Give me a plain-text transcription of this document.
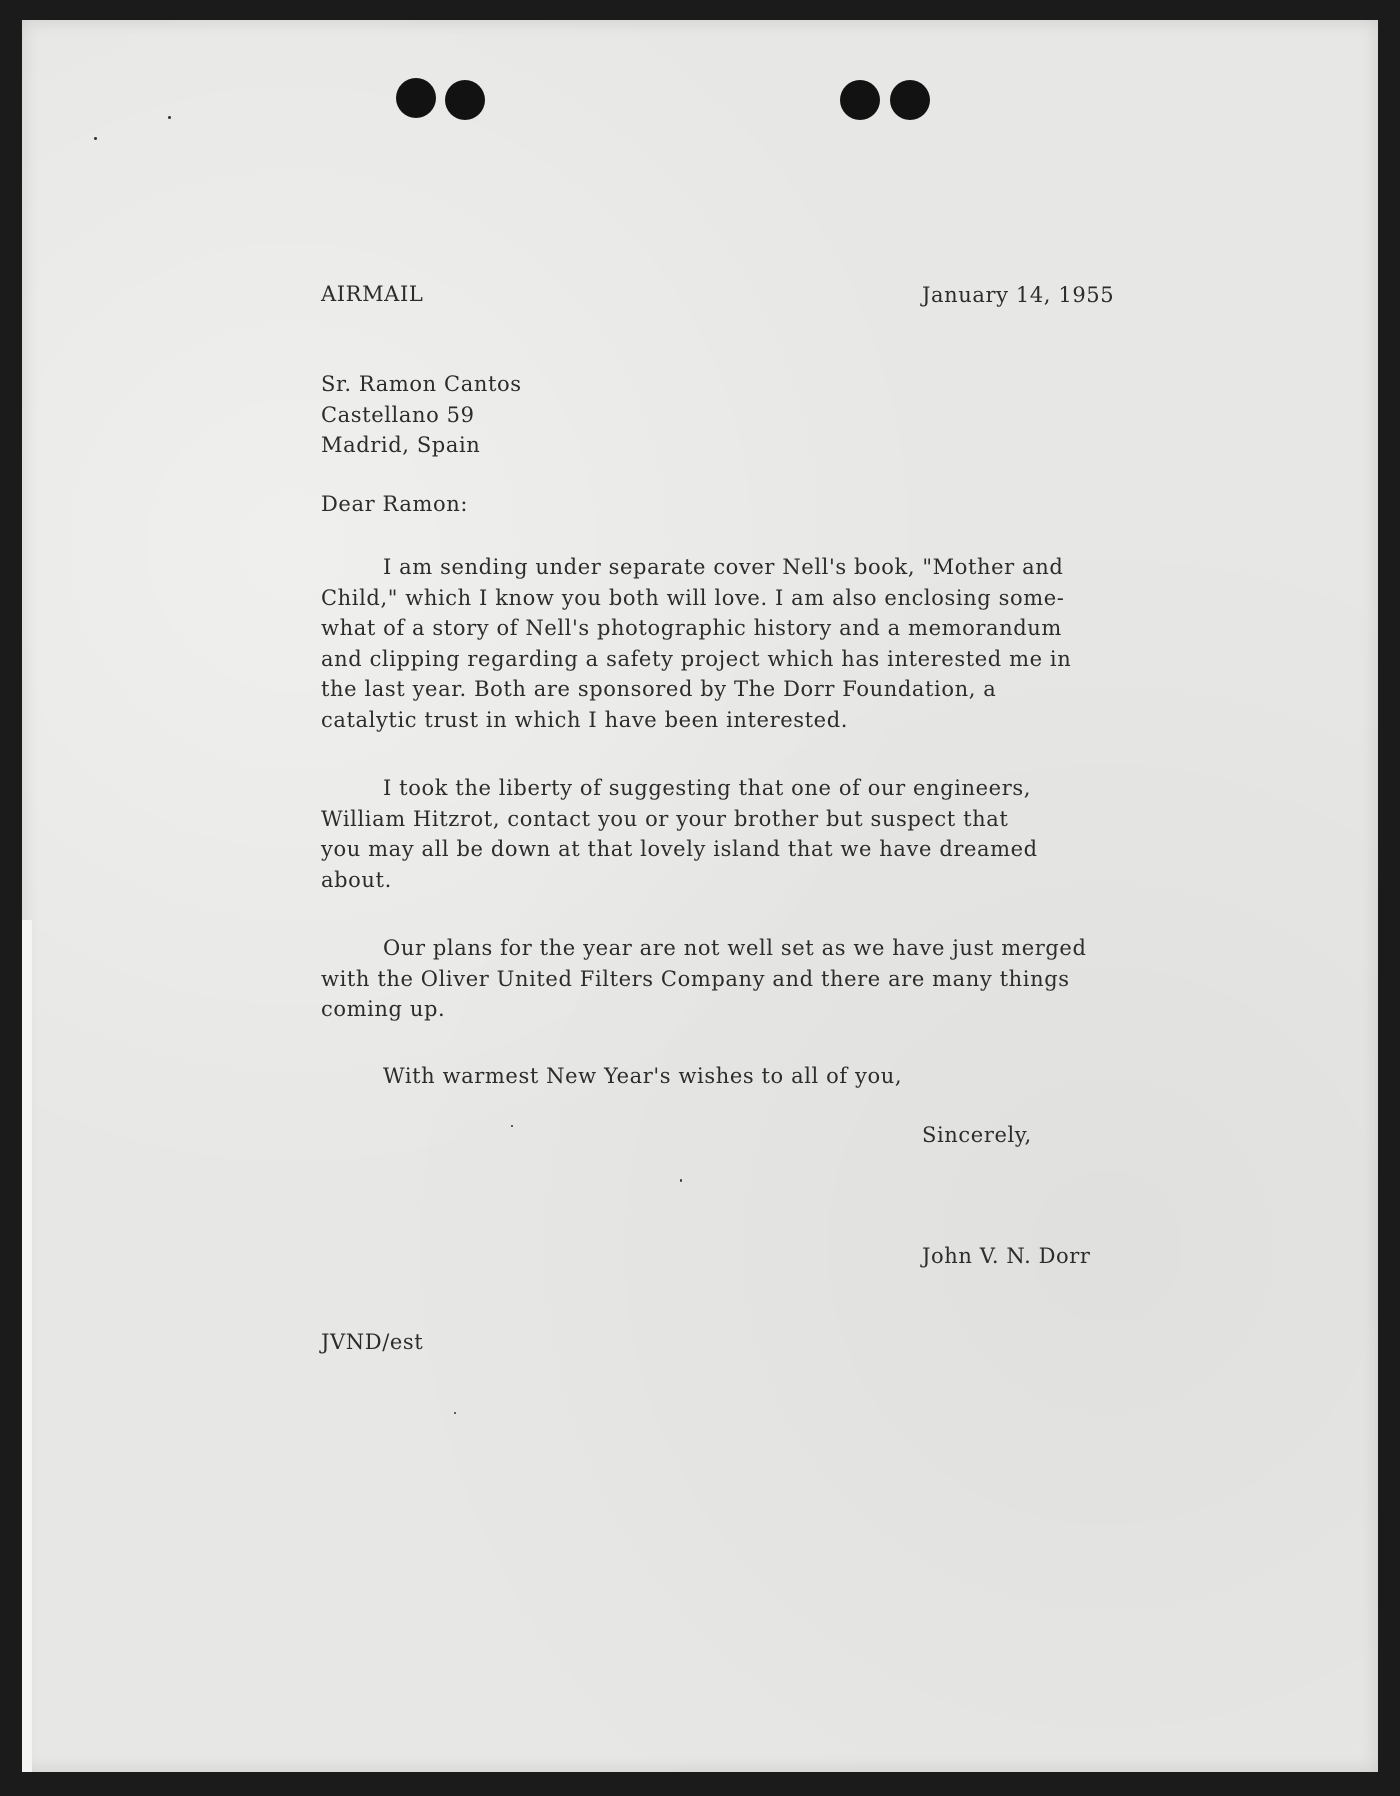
AIRMAIL	January 14, 1955
Sr. Ramon Cantos
Castellano 59
Madrid, Spain
Dear Ramon:
I am sending under separate cover Nell's book, "Mother and
Child," which I know you both will love. I am also enclosing some-
what of a story of Nell's photographic history and a memorandum
and clipping regarding a safety project which has interested me in
the last year. Both are sponsored by The Dorr Foundation, a
catalytic trust in which I have been interested.
I took the liberty of suggesting that one of our engineers,
William Hitzrot, contact you or your brother but suspect that
you may all be down at that lovely island that we have dreamed
about.
Our plans for the year are not well set as we have just merged
with the Oliver United Filters Company and there are many things
coming up.
With warmest New Year's wishes to all of you,
Sincerely,
John V. N. Dorr
JVND/est
